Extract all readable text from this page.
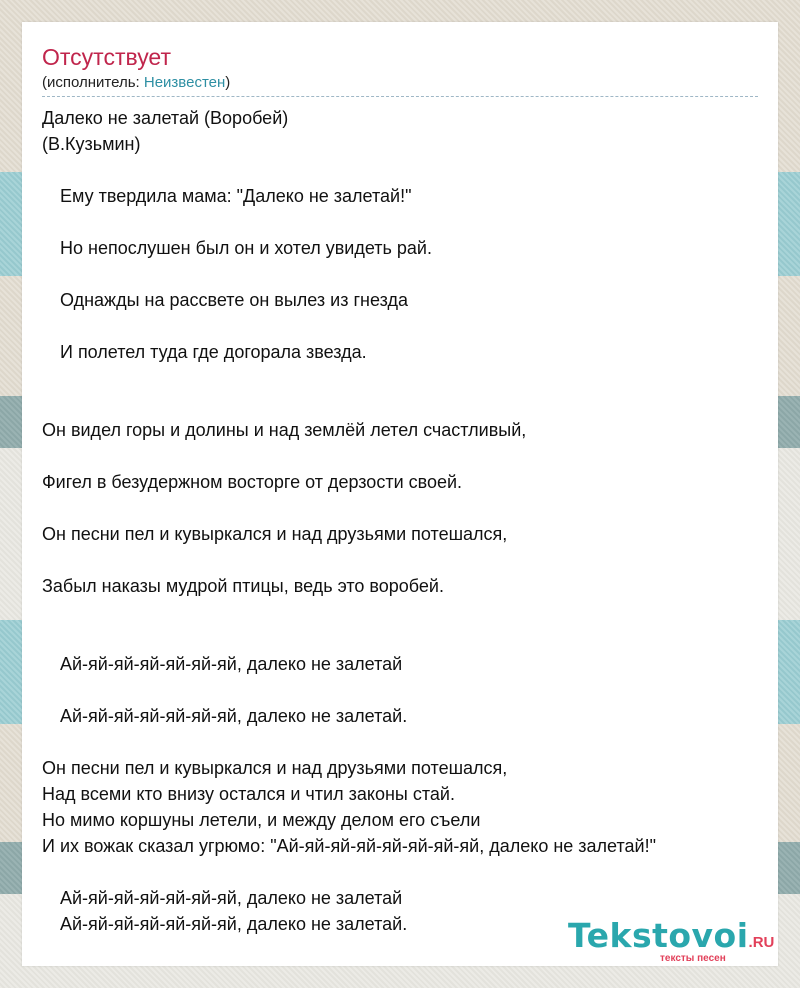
Отсутствует
(исполнитель: Неизвестен)
Далеко не залетай (Воробей)
(В.Кузьмин)
Ему твердила мама: "Далеко не залетай!"
Но непослушен был он и хотел увидеть рай.
Однажды на рассвете он вылез из гнезда
И полетел туда где догорала звезда.
Он видел горы и долины и над землёй летел счастливый,
Фигел в безудержном восторге от дерзости своей.
Он песни пел и кувыркался и над друзьями потешался,
Забыл наказы мудрой птицы, ведь это воробей.
Ай-яй-яй-яй-яй-яй-яй, далеко не залетай
Ай-яй-яй-яй-яй-яй-яй, далеко не залетай.
Он песни пел и кувыркался и над друзьями потешался,
Над всеми кто внизу остался и чтил законы стай.
Но мимо коршуны летели, и между делом его съели
И их вожак сказал угрюмо: "Ай-яй-яй-яй-яй-яй-яй-яй, далеко не залетай!"
Ай-яй-яй-яй-яй-яй-яй, далеко не залетай
Ай-яй-яй-яй-яй-яй-яй, далеко не залетай.	Tekstovoi.RU
тексты песен
